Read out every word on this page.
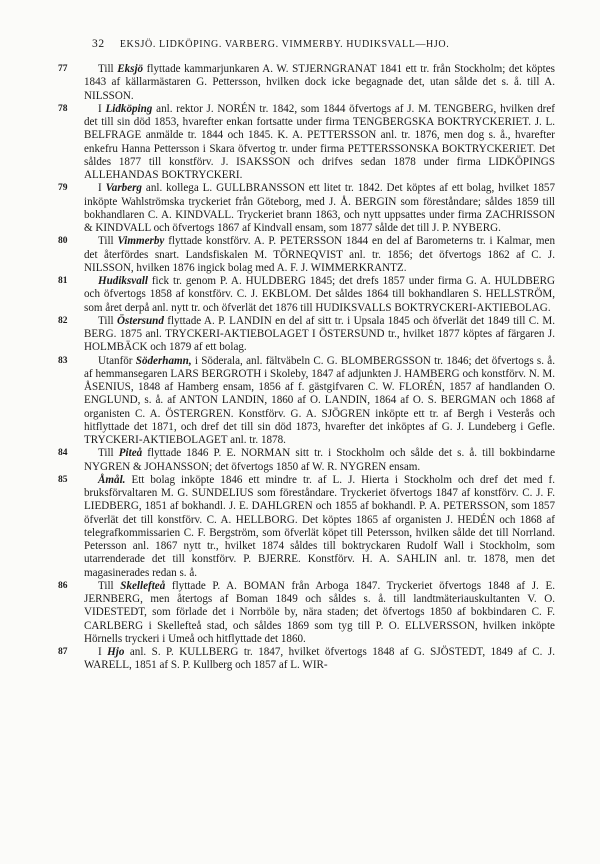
32 EKSJÖ. LIDKÖPING. VARBERG. VIMMERBY. HUDIKSVALL—HJO.
77	Till Eksjö flyttade kammarjunkaren A. W. STJERNGRANAT 1841 ett tr. från Stockholm; det köptes 1843 af källarmästaren G. Pettersson, hvilken dock icke begagnade det, utan sålde det s. å. till A. NILSSON.
78	I Lidköping anl. rektor J. NORÉN tr. 1842, som 1844 öfvertogs af J. M. TENGBERG, hvilken dref det till sin död 1853, hvarefter enkan fortsatte under firma TENGBERGSKA BOKTRYCKERIET. J. L. BELFRAGE anmälde tr. 1844 och 1845. K. A. PETTERSSON anl. tr. 1876, men dog s. å., hvarefter enkefru Hanna Pettersson i Skara öfvertog tr. under firma PETTERSSONSKA BOKTRYCKERIET. Det såldes 1877 till konstförv. J. ISAKSSON och drifves sedan 1878 under firma LIDKÖPINGS ALLEHANDAS BOKTRYCKERI.
79	I Varberg anl. kollega L. GULLBRANSSON ett litet tr. 1842. Det köptes af ett bolag, hvilket 1857 inköpte Wahlströmska tryckeriet från Göteborg, med J. Å. BERGIN som föreståndare; såldes 1859 till bokhandlaren C. A. KINDVALL. Tryckeriet brann 1863, och nytt uppsattes under firma ZACHRISSON & KINDVALL och öfvertogs 1867 af Kindvall ensam, som 1877 sålde det till J. P. NYBERG.
80	Till Vimmerby flyttade konstförv. A. P. PETERSSON 1844 en del af Barometerns tr. i Kalmar, men det återfördes snart. Landsfiskalen M. TÖRNEQVIST anl. tr. 1856; det öfvertogs 1862 af C. J. NILSSON, hvilken 1876 ingick bolag med A. F. J. WIMMERKRANTZ.
81	Hudiksvall fick tr. genom P. A. HULDBERG 1845; det drefs 1857 under firma G. A. HULDBERG och öfvertogs 1858 af konstförv. C. J. EKBLOM. Det såldes 1864 till bokhandlaren S. HELLSTRÖM, som året derpå anl. nytt tr. och öfverlät det 1876 till HUDIKSVALLS BOKTRYCKERI-AKTIEBOLAG.
82	Till Östersund flyttade A. P. LANDIN en del af sitt tr. i Upsala 1845 och öfverlät det 1849 till C. M. BERG. 1875 anl. TRYCKERI-AKTIEBOLAGET I ÖSTERSUND tr., hvilket 1877 köptes af färgaren J. HOLMBÄCK och 1879 af ett bolag.
83	Utanför Söderhamn, i Söderala, anl. fältväbeln C. G. BLOMBERGSSON tr. 1846; det öfvertogs s. å. af hemmansegaren LARS BERGROTH i Skoleby, 1847 af adjunkten J. HAMBERG och konstförv. N. M. ÅSENIUS, 1848 af Hamberg ensam, 1856 af f. gästgifvaren C. W. FLORÉN, 1857 af handlanden O. ENGLUND, s. å. af ANTON LANDIN, 1860 af O. LANDIN, 1864 af O. S. BERGMAN och 1868 af organisten C. A. ÖSTERGREN. Konstförv. G. A. SJÖGREN inköpte ett tr. af Bergh i Vesterås och hitflyttade det 1871, och dref det till sin död 1873, hvarefter det inköptes af G. J. Lundeberg i Gefle. TRYCKERI-AKTIEBOLAGET anl. tr. 1878.
84	Till Piteå flyttade 1846 P. E. NORMAN sitt tr. i Stockholm och sålde det s. å. till bokbindarne NYGREN & JOHANSSON; det öfvertogs 1850 af W. R. NYGREN ensam.
85	Åmål. Ett bolag inköpte 1846 ett mindre tr. af L. J. Hierta i Stockholm och dref det med f. bruksförvaltaren M. G. SUNDELIUS som föreståndare. Tryckeriet öfvertogs 1847 af konstförv. C. J. F. LIEDBERG, 1851 af bokhandl. J. E. DAHLGREN och 1855 af bokhandl. P. A. PETERSSON, som 1857 öfverlät det till konstförv. C. A. HELLBORG. Det köptes 1865 af organisten J. HEDÉN och 1868 af telegrafkommissarien C. F. Bergström, som öfverlät köpet till Petersson, hvilken sålde det till Norrland. Petersson anl. 1867 nytt tr., hvilket 1874 såldes till boktryckaren Rudolf Wall i Stockholm, som utarrenderade det till konstförv. P. BJERRE. Konstförv. H. A. SAHLIN anl. tr. 1878, men det magasinerades redan s. å.
86	Till Skellefteå flyttade P. A. BOMAN från Arboga 1847. Tryckeriet öfvertogs 1848 af J. E. JERNBERG, men återtogs af Boman 1849 och såldes s. å. till landtmäteriauskultanten V. O. VIDESTEDT, som förlade det i Norrböle by, nära staden; det öfvertogs 1850 af bokbindaren C. F. CARLBERG i Skellefteå stad, och såldes 1869 som tyg till P. O. ELLVERSSON, hvilken inköpte Hörnells tryckeri i Umeå och hitflyttade det 1860.
87	I Hjo anl. S. P. KULLBERG tr. 1847, hvilket öfvertogs 1848 af G. SJÖSTEDT, 1849 af C. J. WARELL, 1851 af S. P. Kullberg och 1857 af L. WIR-
